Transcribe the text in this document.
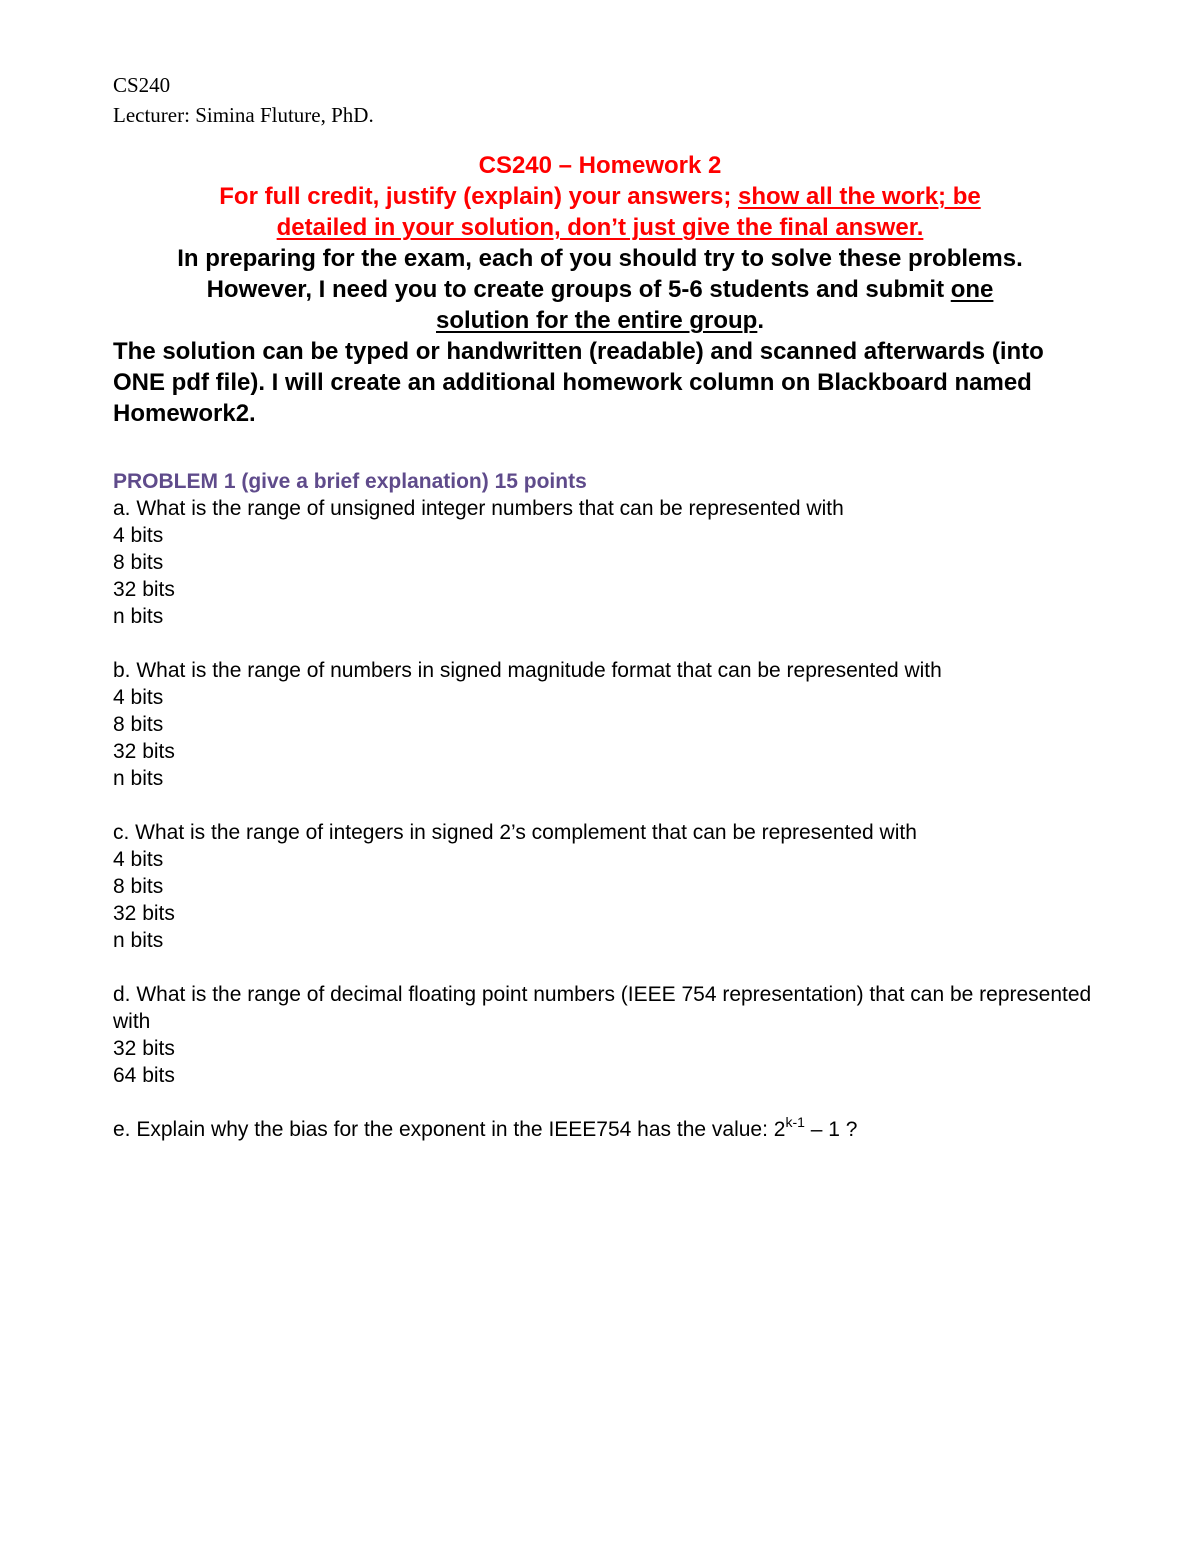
CS240
Lecturer: Simina Fluture, PhD.
CS240 – Homework 2
For full credit, justify (explain) your answers; show all the work; be
detailed in your solution, don’t just give the final answer.
In preparing for the exam, each of you should try to solve these problems.
However, I need you to create groups of 5-6 students and submit one
solution for the entire group.
The solution can be typed or handwritten (readable) and scanned afterwards (into ONE pdf file). I will create an additional homework column on Blackboard named Homework2.
PROBLEM 1 (give a brief explanation) 15 points
a. What is the range of unsigned integer numbers that can be represented with
4 bits
8 bits
32 bits
n bits
b. What is the range of numbers in signed magnitude format that can be represented with
4 bits
8 bits
32 bits
n bits
c. What is the range of integers in signed 2’s complement that can be represented with
4 bits
8 bits
32 bits
n bits
d. What is the range of decimal floating point numbers (IEEE 754 representation) that can be represented with
32 bits
64 bits
e. Explain why the bias for the exponent in the IEEE754 has the value: 2$^{k-1}$ – 1 ?
